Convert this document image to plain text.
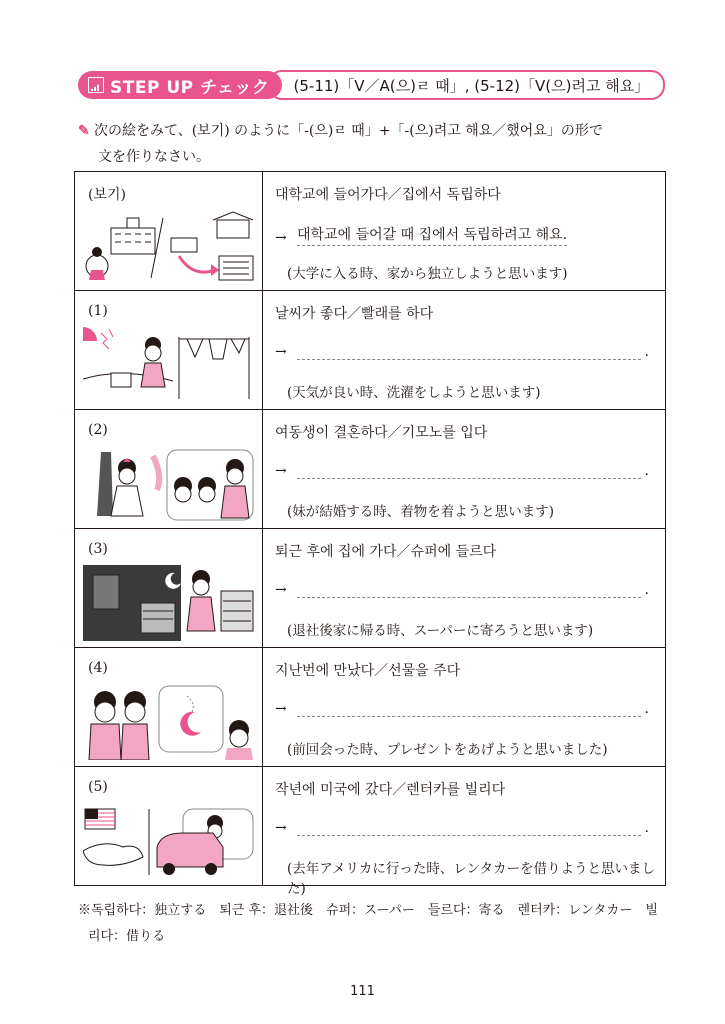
STEP UP チェック	(5-11)「V／A(으)ㄹ 때」, (5-12)「V(으)려고 해요」
✎ 次の絵をみて、(보기) のように「-(으)ㄹ 때」+「-(으)려고 해요／했어요」の形で
文を作りなさい。
(보기)	대학교에 들어가다／집에서 독립하다
→ 대학교에 들어갈 때 집에서 독립하려고 해요.
(大学に入る時、家から独立しようと思います)

(1)	날씨가 좋다／빨래를 하다
→ .
(天気が良い時、洗濯をしようと思います)

(2)	여동생이 결혼하다／기모노를 입다
→ .
(妹が結婚する時、着物を着ようと思います)

(3)	퇴근 후에 집에 가다／슈퍼에 들르다
→ .
(退社後家に帰る時、スーパーに寄ろうと思います)

(4)	지난번에 만났다／선물을 주다
→ .
(前回会った時、プレゼントをあげようと思いました)

(5)	작년에 미국에 갔다／렌터카를 빌리다
→ .
(去年アメリカに行った時、レンタカーを借りようと思いました)
※독립하다：独立する　퇴근 후：退社後　슈퍼：スーパー　들르다：寄る　렌터카：レンタカー　빌
리다：借りる
111
